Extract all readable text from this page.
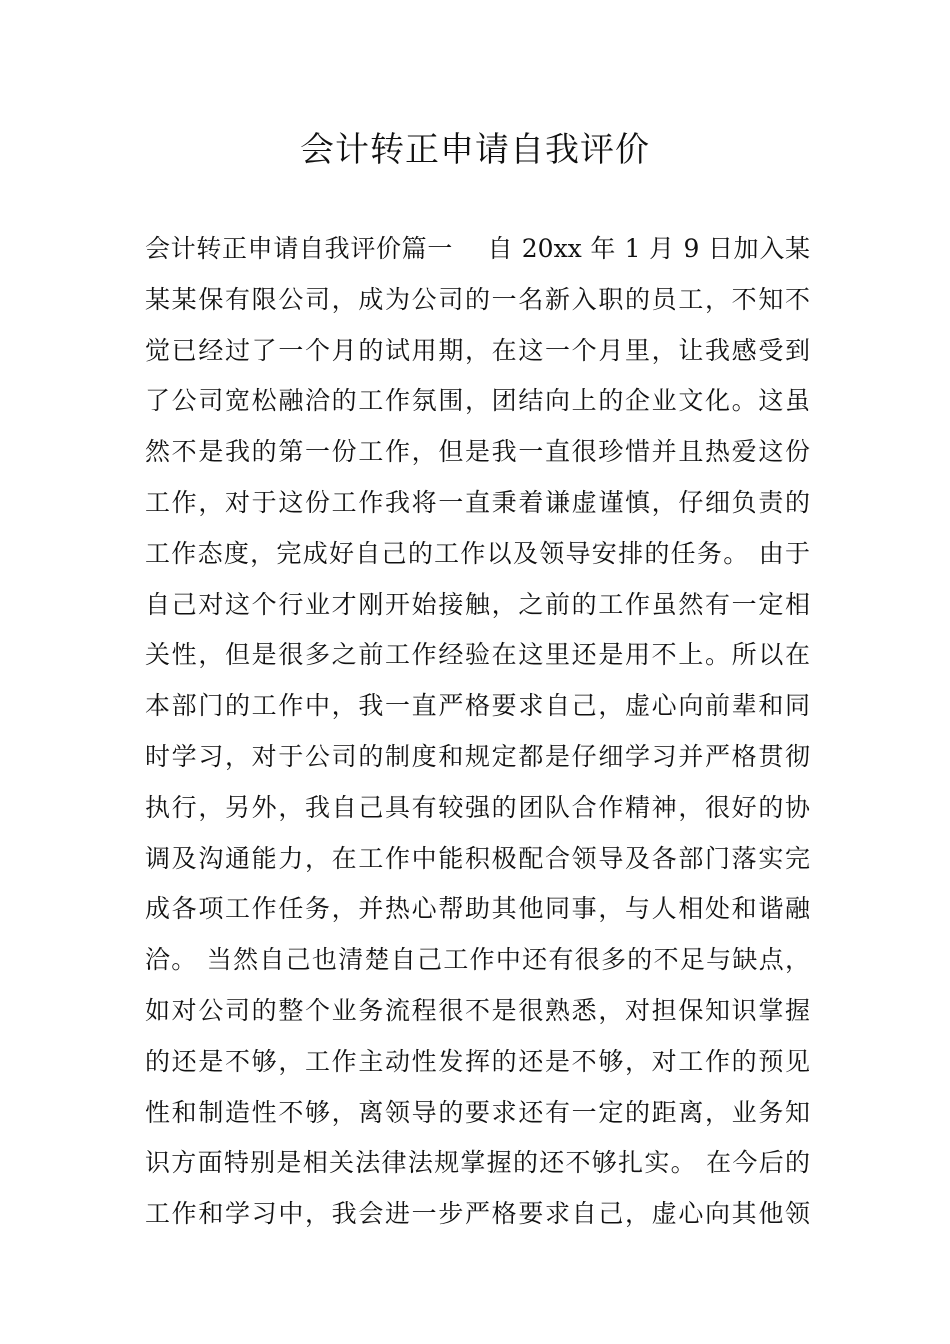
会计转正申请自我评价
会计转正申请自我评价篇一    自 20xx 年 1 月 9 日加入某
某某保有限公司，成为公司的一名新入职的员工，不知不
觉已经过了一个月的试用期，在这一个月里，让我感受到
了公司宽松融洽的工作氛围，团结向上的企业文化。这虽
然不是我的第一份工作，但是我一直很珍惜并且热爱这份
工作，对于这份工作我将一直秉着谦虚谨慎，仔细负责的
工作态度，完成好自己的工作以及领导安排的任务。 由于
自己对这个行业才刚开始接触，之前的工作虽然有一定相
关性，但是很多之前工作经验在这里还是用不上。所以在
本部门的工作中，我一直严格要求自己，虚心向前辈和同
时学习，对于公司的制度和规定都是仔细学习并严格贯彻
执行，另外，我自己具有较强的团队合作精神，很好的协
调及沟通能力，在工作中能积极配合领导及各部门落实完
成各项工作任务，并热心帮助其他同事，与人相处和谐融
洽。 当然自己也清楚自己工作中还有很多的不足与缺点，
如对公司的整个业务流程很不是很熟悉，对担保知识掌握
的还是不够，工作主动性发挥的还是不够，对工作的预见
性和制造性不够，离领导的要求还有一定的距离，业务知
识方面特别是相关法律法规掌握的还不够扎实。 在今后的
工作和学习中，我会进一步严格要求自己，虚心向其他领
